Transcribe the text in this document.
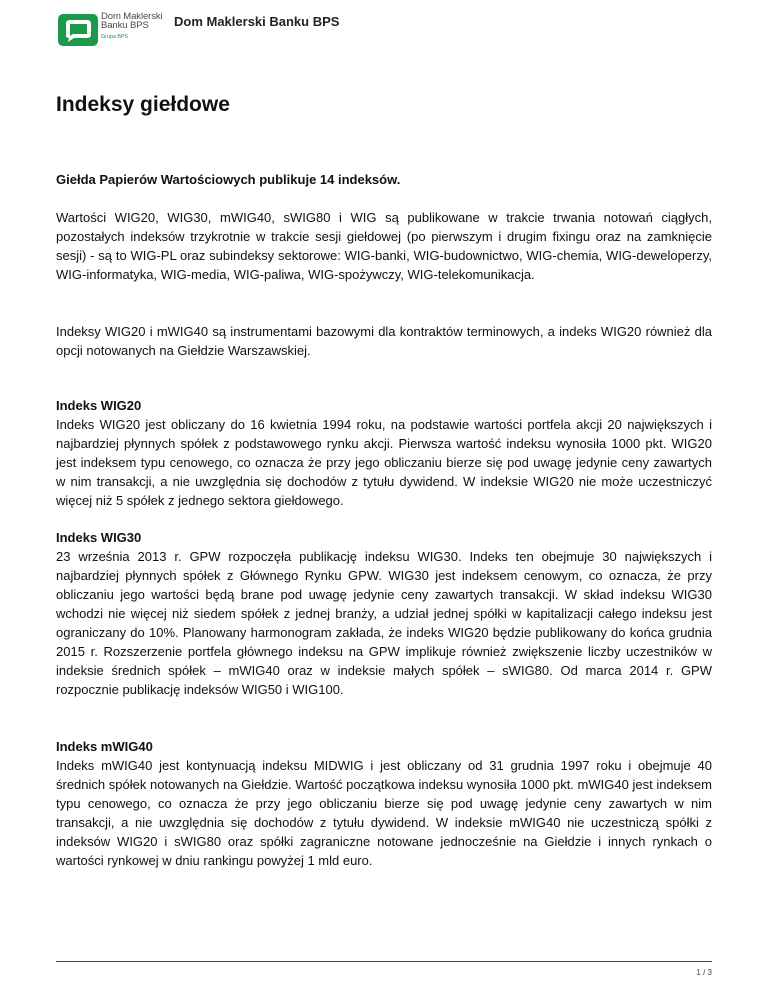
Dom Maklerski
Banku BPS
Grupa BPS
Dom Maklerski Banku BPS
Indeksy giełdowe

Giełda Papierów Wartościowych publikuje 14 indeksów.

Wartości WIG20, WIG30, mWIG40, sWIG80 i WIG są publikowane w trakcie trwania notowań ciągłych, pozostałych indeksów trzykrotnie w trakcie sesji giełdowej (po pierwszym i drugim fixingu oraz na zamknięcie sesji) - są to WIG-PL oraz subindeksy sektorowe: WIG-banki, WIG-budownictwo, WIG-chemia, WIG-deweloperzy, WIG-informatyka, WIG-media, WIG-paliwa, WIG-spożywczy, WIG-telekomunikacja.

Indeksy WIG20 i mWIG40 są instrumentami bazowymi dla kontraktów terminowych, a indeks WIG20 również dla opcji notowanych na Giełdzie Warszawskiej.

Indeks WIG20

Indeks WIG20 jest obliczany do 16 kwietnia 1994 roku, na podstawie wartości portfela akcji 20 największych i najbardziej płynnych spółek z podstawowego rynku akcji. Pierwsza wartość indeksu wynosiła 1000 pkt. WIG20 jest indeksem typu cenowego, co oznacza że przy jego obliczaniu bierze się pod uwagę jedynie ceny zawartych w nim transakcji, a nie uwzględnia się dochodów z tytułu dywidend. W indeksie WIG20 nie może uczestniczyć więcej niż 5 spółek z jednego sektora giełdowego.

Indeks WIG30

23 września 2013 r. GPW rozpoczęła publikację indeksu WIG30. Indeks ten obejmuje 30 największych i najbardziej płynnych spółek z Głównego Rynku GPW. WIG30 jest indeksem cenowym, co oznacza, że przy obliczaniu jego wartości będą brane pod uwagę jedynie ceny zawartych transakcji. W skład indeksu WIG30 wchodzi nie więcej niż siedem spółek z jednej branży, a udział jednej spółki w kapitalizacji całego indeksu jest ograniczany do 10%. Planowany harmonogram zakłada, że indeks WIG20 będzie publikowany do końca grudnia 2015 r. Rozszerzenie portfela głównego indeksu na GPW implikuje również zwiększenie liczby uczestników w indeksie średnich spółek – mWIG40 oraz w indeksie małych spółek – sWIG80. Od marca 2014 r. GPW rozpocznie publikację indeksów WIG50 i WIG100.

Indeks mWIG40

Indeks mWIG40 jest kontynuacją indeksu MIDWIG i jest obliczany od 31 grudnia 1997 roku i obejmuje 40 średnich spółek notowanych na Giełdzie. Wartość początkowa indeksu wynosiła 1000 pkt. mWIG40 jest indeksem typu cenowego, co oznacza że przy jego obliczaniu bierze się pod uwagę jedynie ceny zawartych w nim transakcji, a nie uwzględnia się dochodów z tytułu dywidend. W indeksie mWIG40 nie uczestniczą spółki z indeksów WIG20 i sWIG80 oraz spółki zagraniczne notowane jednocześnie na Giełdzie i innych rynkach o wartości rynkowej w dniu rankingu powyżej 1 mld euro.

1 / 3
